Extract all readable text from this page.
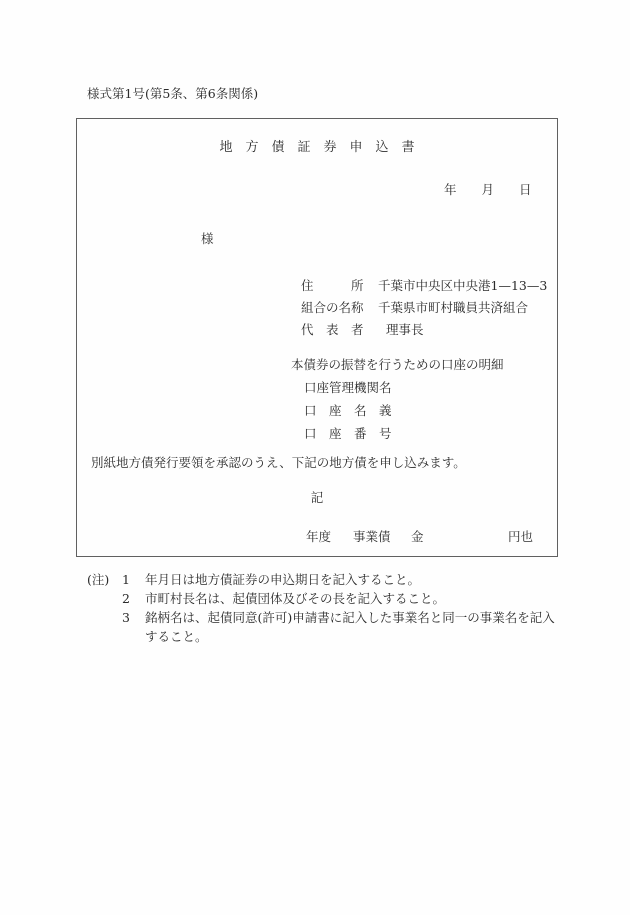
様式第1号(第5条、第6条関係)
地　方　債　証　券　申　込　書
年　　月　　日
様
住　　　所	千葉市中央区中央港1—13—3
組合の名称	千葉県市町村職員共済組合
代　表　者	理事長
本債券の振替を行うための口座の明細
口座管理機関名
口　座　名　義
口　座　番　号
別紙地方債発行要領を承認のうえ、下記の地方債を申し込みます。
記
年度 事業債 金	円也
(注) 1	年月日は地方債証券の申込期日を記入すること。
2	市町村長名は、起債団体及びその長を記入すること。
3	銘柄名は、起債同意(許可)申請書に記入した事業名と同一の事業名を記入すること。
